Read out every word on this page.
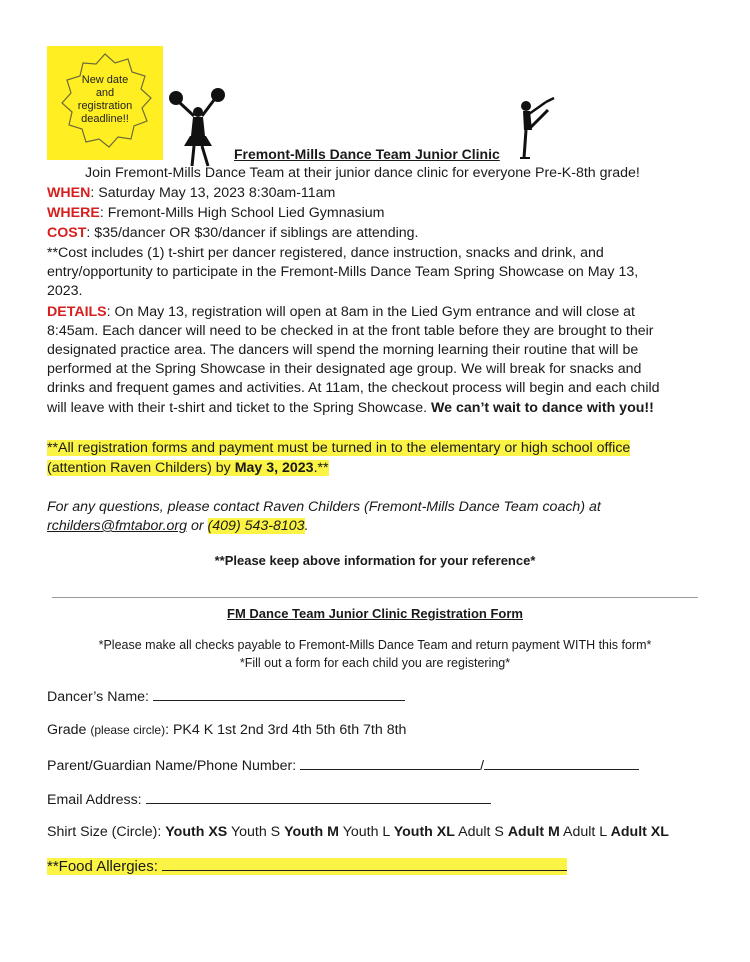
New date
and
registration
deadline!!
Fremont-Mills Dance Team Junior Clinic
Join Fremont-Mills Dance Team at their junior dance clinic for everyone Pre-K-8th grade!
WHEN: Saturday May 13, 2023 8:30am-11am
WHERE: Fremont-Mills High School Lied Gymnasium
COST: $35/dancer OR $30/dancer if siblings are attending.
**Cost includes (1) t-shirt per dancer registered, dance instruction, snacks and drink, and
entry/opportunity to participate in the Fremont-Mills Dance Team Spring Showcase on May 13,
2023.
DETAILS: On May 13, registration will open at 8am in the Lied Gym entrance and will close at
8:45am. Each dancer will need to be checked in at the front table before they are brought to their
designated practice area. The dancers will spend the morning learning their routine that will be
performed at the Spring Showcase in their designated age group. We will break for snacks and
drinks and frequent games and activities. At 11am, the checkout process will begin and each child
will leave with their t-shirt and ticket to the Spring Showcase. We can’t wait to dance with you!!
**All registration forms and payment must be turned in to the elementary or high school office
(attention Raven Childers) by May 3, 2023.**
For any questions, please contact Raven Childers (Fremont-Mills Dance Team coach) at
rchilders@fmtabor.org or (409) 543-8103.
**Please keep above information for your reference*
FM Dance Team Junior Clinic Registration Form
*Please make all checks payable to Fremont-Mills Dance Team and return payment WITH this form*
*Fill out a form for each child you are registering*
Dancer’s Name:
Grade (please circle): PK4 K 1st 2nd 3rd 4th 5th 6th 7th 8th
Parent/Guardian Name/Phone Number:	/
Email Address:
Shirt Size (Circle): Youth XS Youth S Youth M Youth L Youth XL Adult S Adult M Adult L Adult XL
**Food Allergies:
